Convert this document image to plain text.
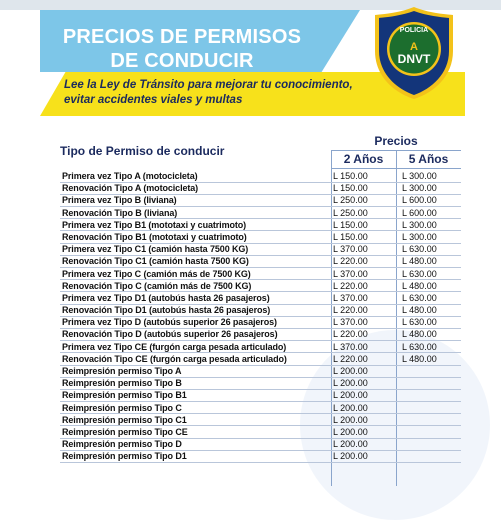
PRECIOS DE PERMISOS
DE CONDUCIR
Lee la Ley de Tránsito para mejorar tu conocimiento,
evitar accidentes viales y multas
POLICIA
A
DNVT
Precios
Tipo de Permiso de conducir
2 Años	5 Años
Primera vez Tipo A (motocicleta)	L 150.00	L 300.00
Renovación Tipo A (motocicleta)	L 150.00	L 300.00
Primera vez Tipo B (liviana)	L 250.00	L 600.00
Renovación Tipo B (liviana)	L 250.00	L 600.00
Primera vez Tipo B1 (mototaxi y cuatrimoto)	L 150.00	L 300.00
Renovación Tipo B1 (mototaxi y cuatrimoto)	L 150.00	L 300.00
Primera vez Tipo C1 (camión hasta 7500 KG)	L 370.00	L 630.00
Renovación Tipo C1 (camión hasta 7500 KG)	L 220.00	L 480.00
Primera vez Tipo C (camión más de 7500 KG)	L 370.00	L 630.00
Renovación Tipo C (camión más de 7500 KG)	L 220.00	L 480.00
Primera vez Tipo D1 (autobús hasta 26 pasajeros)	L 370.00	L 630.00
Renovación Tipo D1 (autobús hasta 26 pasajeros)	L 220.00	L 480.00
Primera vez Tipo D (autobús superior 26 pasajeros)	L 370.00	L 630.00
Renovación Tipo D (autobús superior 26 pasajeros)	L 220.00	L 480.00
Primera vez Tipo CE (furgón carga pesada articulado)	L 370.00	L 630.00
Renovación Tipo CE (furgón carga pesada articulado)	L 220.00	L 480.00
Reimpresión permiso Tipo A	L 200.00
Reimpresión permiso Tipo B	L 200.00
Reimpresión permiso Tipo B1	L 200.00
Reimpresión permiso Tipo C	L 200.00
Reimpresión permiso Tipo C1	L 200.00
Reimpresión permiso Tipo CE	L 200.00
Reimpresión permiso Tipo D	L 200.00
Reimpresión permiso Tipo D1	L 200.00
